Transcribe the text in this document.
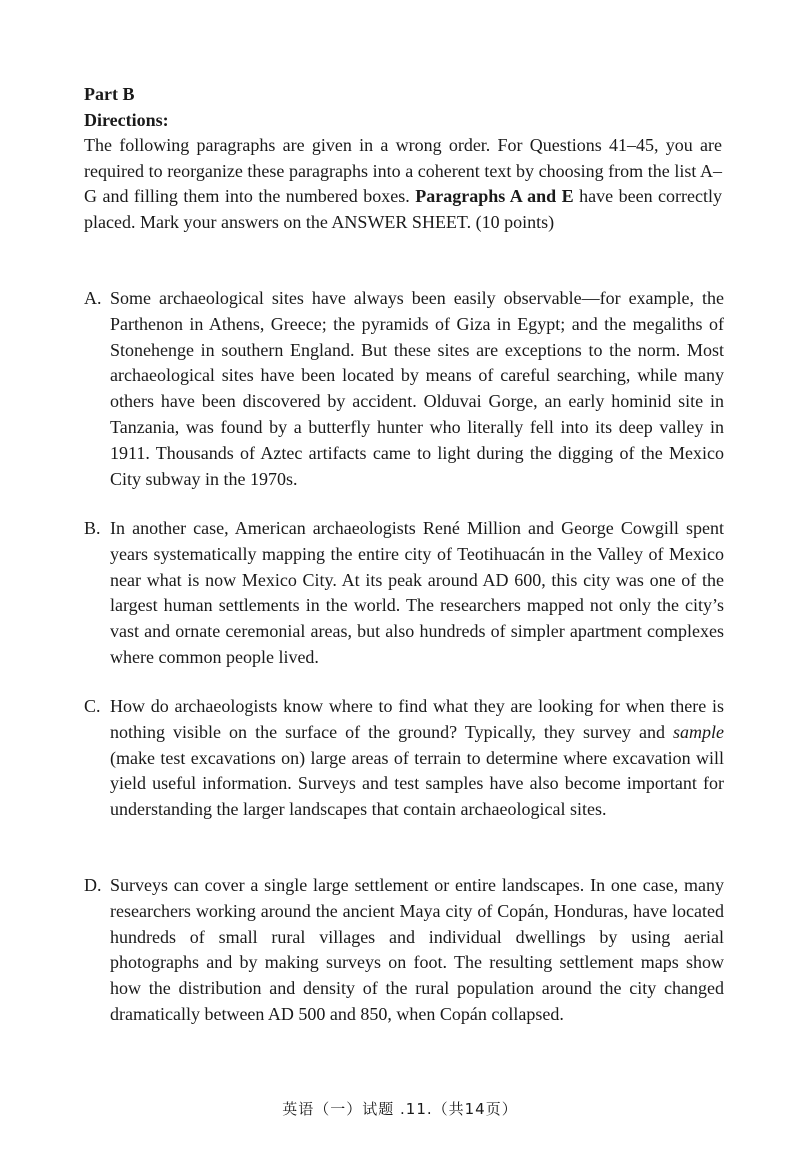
Part B
Directions:
The following paragraphs are given in a wrong order. For Questions 41–45, you are required to reorganize these paragraphs into a coherent text by choosing from the list A–G and filling them into the numbered boxes. Paragraphs A and E have been correctly placed. Mark your answers on the ANSWER SHEET. (10 points)
A. Some archaeological sites have always been easily observable—for example, the Parthenon in Athens, Greece; the pyramids of Giza in Egypt; and the megaliths of Stonehenge in southern England. But these sites are exceptions to the norm. Most archaeological sites have been located by means of careful searching, while many others have been discovered by accident. Olduvai Gorge, an early hominid site in Tanzania, was found by a butterfly hunter who literally fell into its deep valley in 1911. Thousands of Aztec artifacts came to light during the digging of the Mexico City subway in the 1970s.
B. In another case, American archaeologists René Million and George Cowgill spent years systematically mapping the entire city of Teotihuacán in the Valley of Mexico near what is now Mexico City. At its peak around AD 600, this city was one of the largest human settlements in the world. The researchers mapped not only the city’s vast and ornate ceremonial areas, but also hundreds of simpler apartment complexes where common people lived.
C. How do archaeologists know where to find what they are looking for when there is nothing visible on the surface of the ground? Typically, they survey and sample (make test excavations on) large areas of terrain to determine where excavation will yield useful information. Surveys and test samples have also become important for understanding the larger landscapes that contain archaeological sites.
D. Surveys can cover a single large settlement or entire landscapes. In one case, many researchers working around the ancient Maya city of Copán, Honduras, have located hundreds of small rural villages and individual dwellings by using aerial photographs and by making surveys on foot. The resulting settlement maps show how the distribution and density of the rural population around the city changed dramatically between AD 500 and 850, when Copán collapsed.
英语（一）试题 .11.（共14页）
